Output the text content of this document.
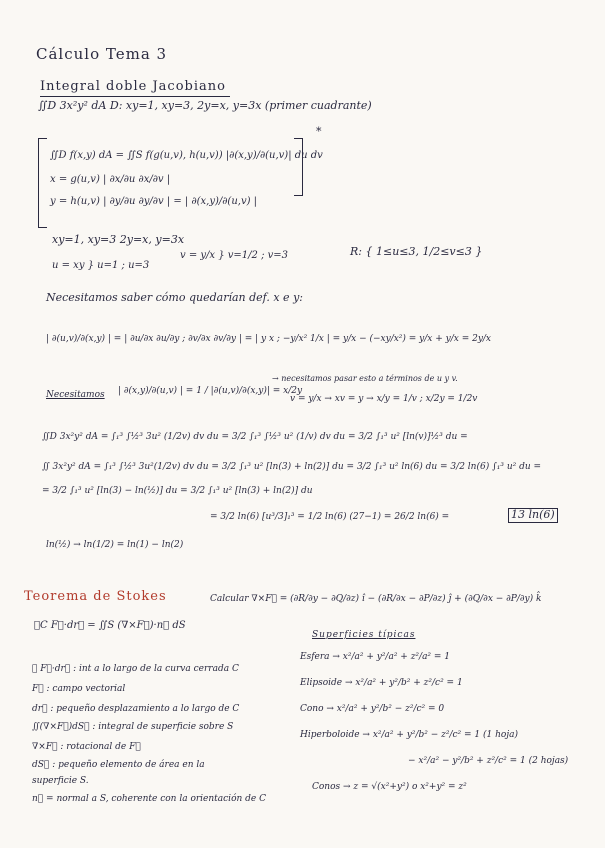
Cálculo Tema 3
Integral doble Jacobiano
∬D 3x²y² dA D: xy=1, xy=3, 2y=x, y=3x (primer cuadrante)
*
∬D f(x,y) dA = ∬S f(g(u,v), h(u,v)) |∂(x,y)/∂(u,v)| du dv
x = g(u,v) | ∂x/∂u ∂x/∂v |
y = h(u,v) | ∂y/∂u ∂y/∂v | = | ∂(x,y)/∂(u,v) |
xy=1, xy=3 2y=x, y=3x
u = xy } u=1 ; u=3
v = y/x } v=1/2 ; v=3	R: { 1≤u≤3, 1/2≤v≤3 }
Necesitamos saber cómo quedarían def. x e y:
| ∂(u,v)/∂(x,y) | = | ∂u/∂x ∂u/∂y ; ∂v/∂x ∂v/∂y | = | y x ; −y/x² 1/x | = y/x − (−xy/x²) = y/x + y/x = 2y/x
Necesitamos | ∂(x,y)/∂(u,v) | = 1 / |∂(u,v)/∂(x,y)| = x/2y
→ necesitamos pasar esto a términos de u y v.
v = y/x → xv = y → x/y = 1/v ; x/2y = 1/2v
∬D 3x²y² dA = ∫₁³ ∫½³ 3u² (1/2v) dv du = 3/2 ∫₁³ ∫½³ u² (1/v) dv du = 3/2 ∫₁³ u² [ln(v)]½³ du =
∬ 3x²y² dA = ∫₁³ ∫½³ 3u²(1/2v) dv du = 3/2 ∫₁³ u² [ln(3) + ln(2)] du = 3/2 ∫₁³ u² ln(6) du = 3/2 ln(6) ∫₁³ u² du =
= 3/2 ∫₁³ u² [ln(3) − ln(½)] du = 3/2 ∫₁³ u² [ln(3) + ln(2)] du
= 3/2 ln(6) [u³/3]₁³ = 1/2 ln(6) (27−1) = 26/2 ln(6) =	13 ln(6)
ln(½) → ln(1/2) = ln(1) − ln(2)
Teorema de Stokes
∮C F⃗·dr⃗ = ∬S (∇×F⃗)·n⃗ dS
Calcular ∇×F⃗ = (∂R/∂y − ∂Q/∂z) î − (∂R/∂x − ∂P/∂z) ĵ + (∂Q/∂x − ∂P/∂y) k̂
∮ F⃗·dr⃗ : int a lo largo de la curva cerrada C
F⃗ : campo vectorial
dr⃗ : pequeño desplazamiento a lo largo de C
∬(∇×F⃗)dS⃗ : integral de superficie sobre S
∇×F⃗ : rotacional de F⃗
dS⃗ : pequeño elemento de área en la
superficie S.
n⃗ = normal a S, coherente con la orientación de C
Superficies típicas
Esfera → x²/a² + y²/a² + z²/a² = 1
Elipsoide → x²/a² + y²/b² + z²/c² = 1
Cono → x²/a² + y²/b² − z²/c² = 0
Hiperboloide → x²/a² + y²/b² − z²/c² = 1 (1 hoja)
− x²/a² − y²/b² + z²/c² = 1 (2 hojas)
Conos → z = √(x²+y²) o x²+y² = z²
